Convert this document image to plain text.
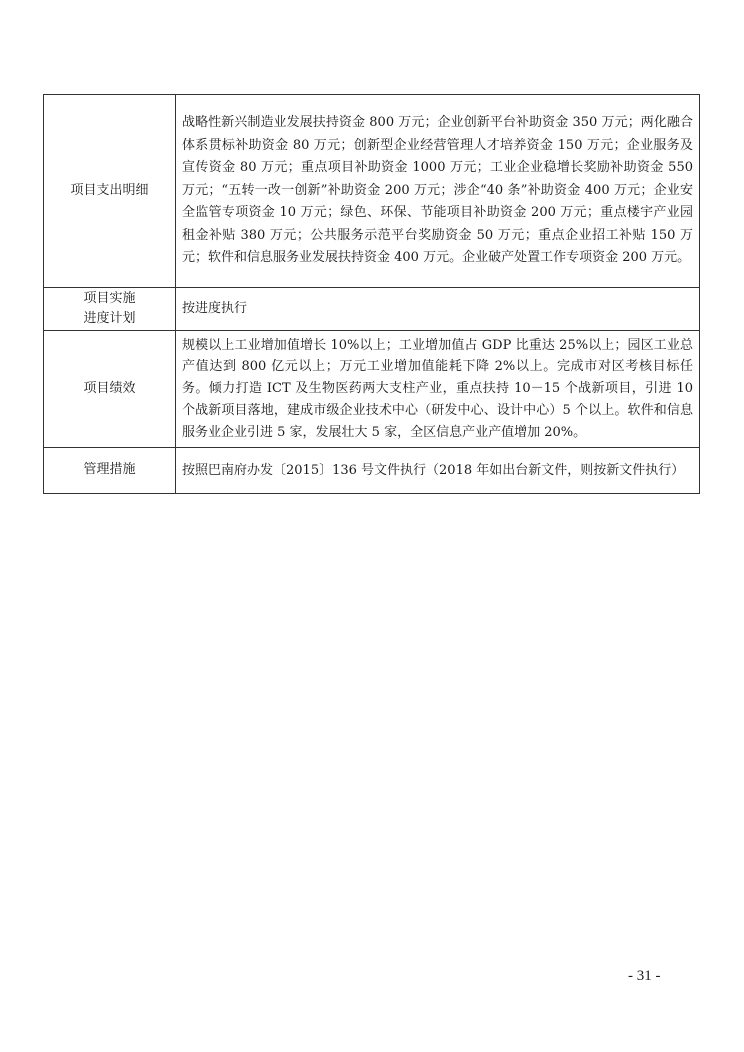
项目支出明细	战略性新兴制造业发展扶持资金 800 万元；企业创新平台补助资金 350 万元；两化融合体系贯标补助资金 80 万元；创新型企业经营管理人才培养资金 150 万元；企业服务及宣传资金 80 万元；重点项目补助资金 1000 万元；工业企业稳增长奖励补助资金 550 万元；“五转一改一创新”补助资金 200 万元；涉企“40 条”补助资金 400 万元；企业安全监管专项资金 10 万元；绿色、环保、节能项目补助资金 200 万元；重点楼宇产业园租金补贴 380 万元；公共服务示范平台奖励资金 50 万元；重点企业招工补贴 150 万元；软件和信息服务业发展扶持资金 400 万元。企业破产处置工作专项资金 200 万元。
项目实施进度计划	按进度执行
项目绩效	规模以上工业增加值增长 10%以上；工业增加值占 GDP 比重达 25%以上；园区工业总产值达到 800 亿元以上；万元工业增加值能耗下降 2%以上。完成市对区考核目标任务。倾力打造 ICT 及生物医药两大支柱产业，重点扶持 10－15 个战新项目，引进 10 个战新项目落地，建成市级企业技术中心（研发中心、设计中心）5 个以上。软件和信息服务业企业引进 5 家，发展壮大 5 家，全区信息产业产值增加 20%。
管理措施	按照巴南府办发〔2015〕136 号文件执行（2018 年如出台新文件，则按新文件执行）
- 31 -
